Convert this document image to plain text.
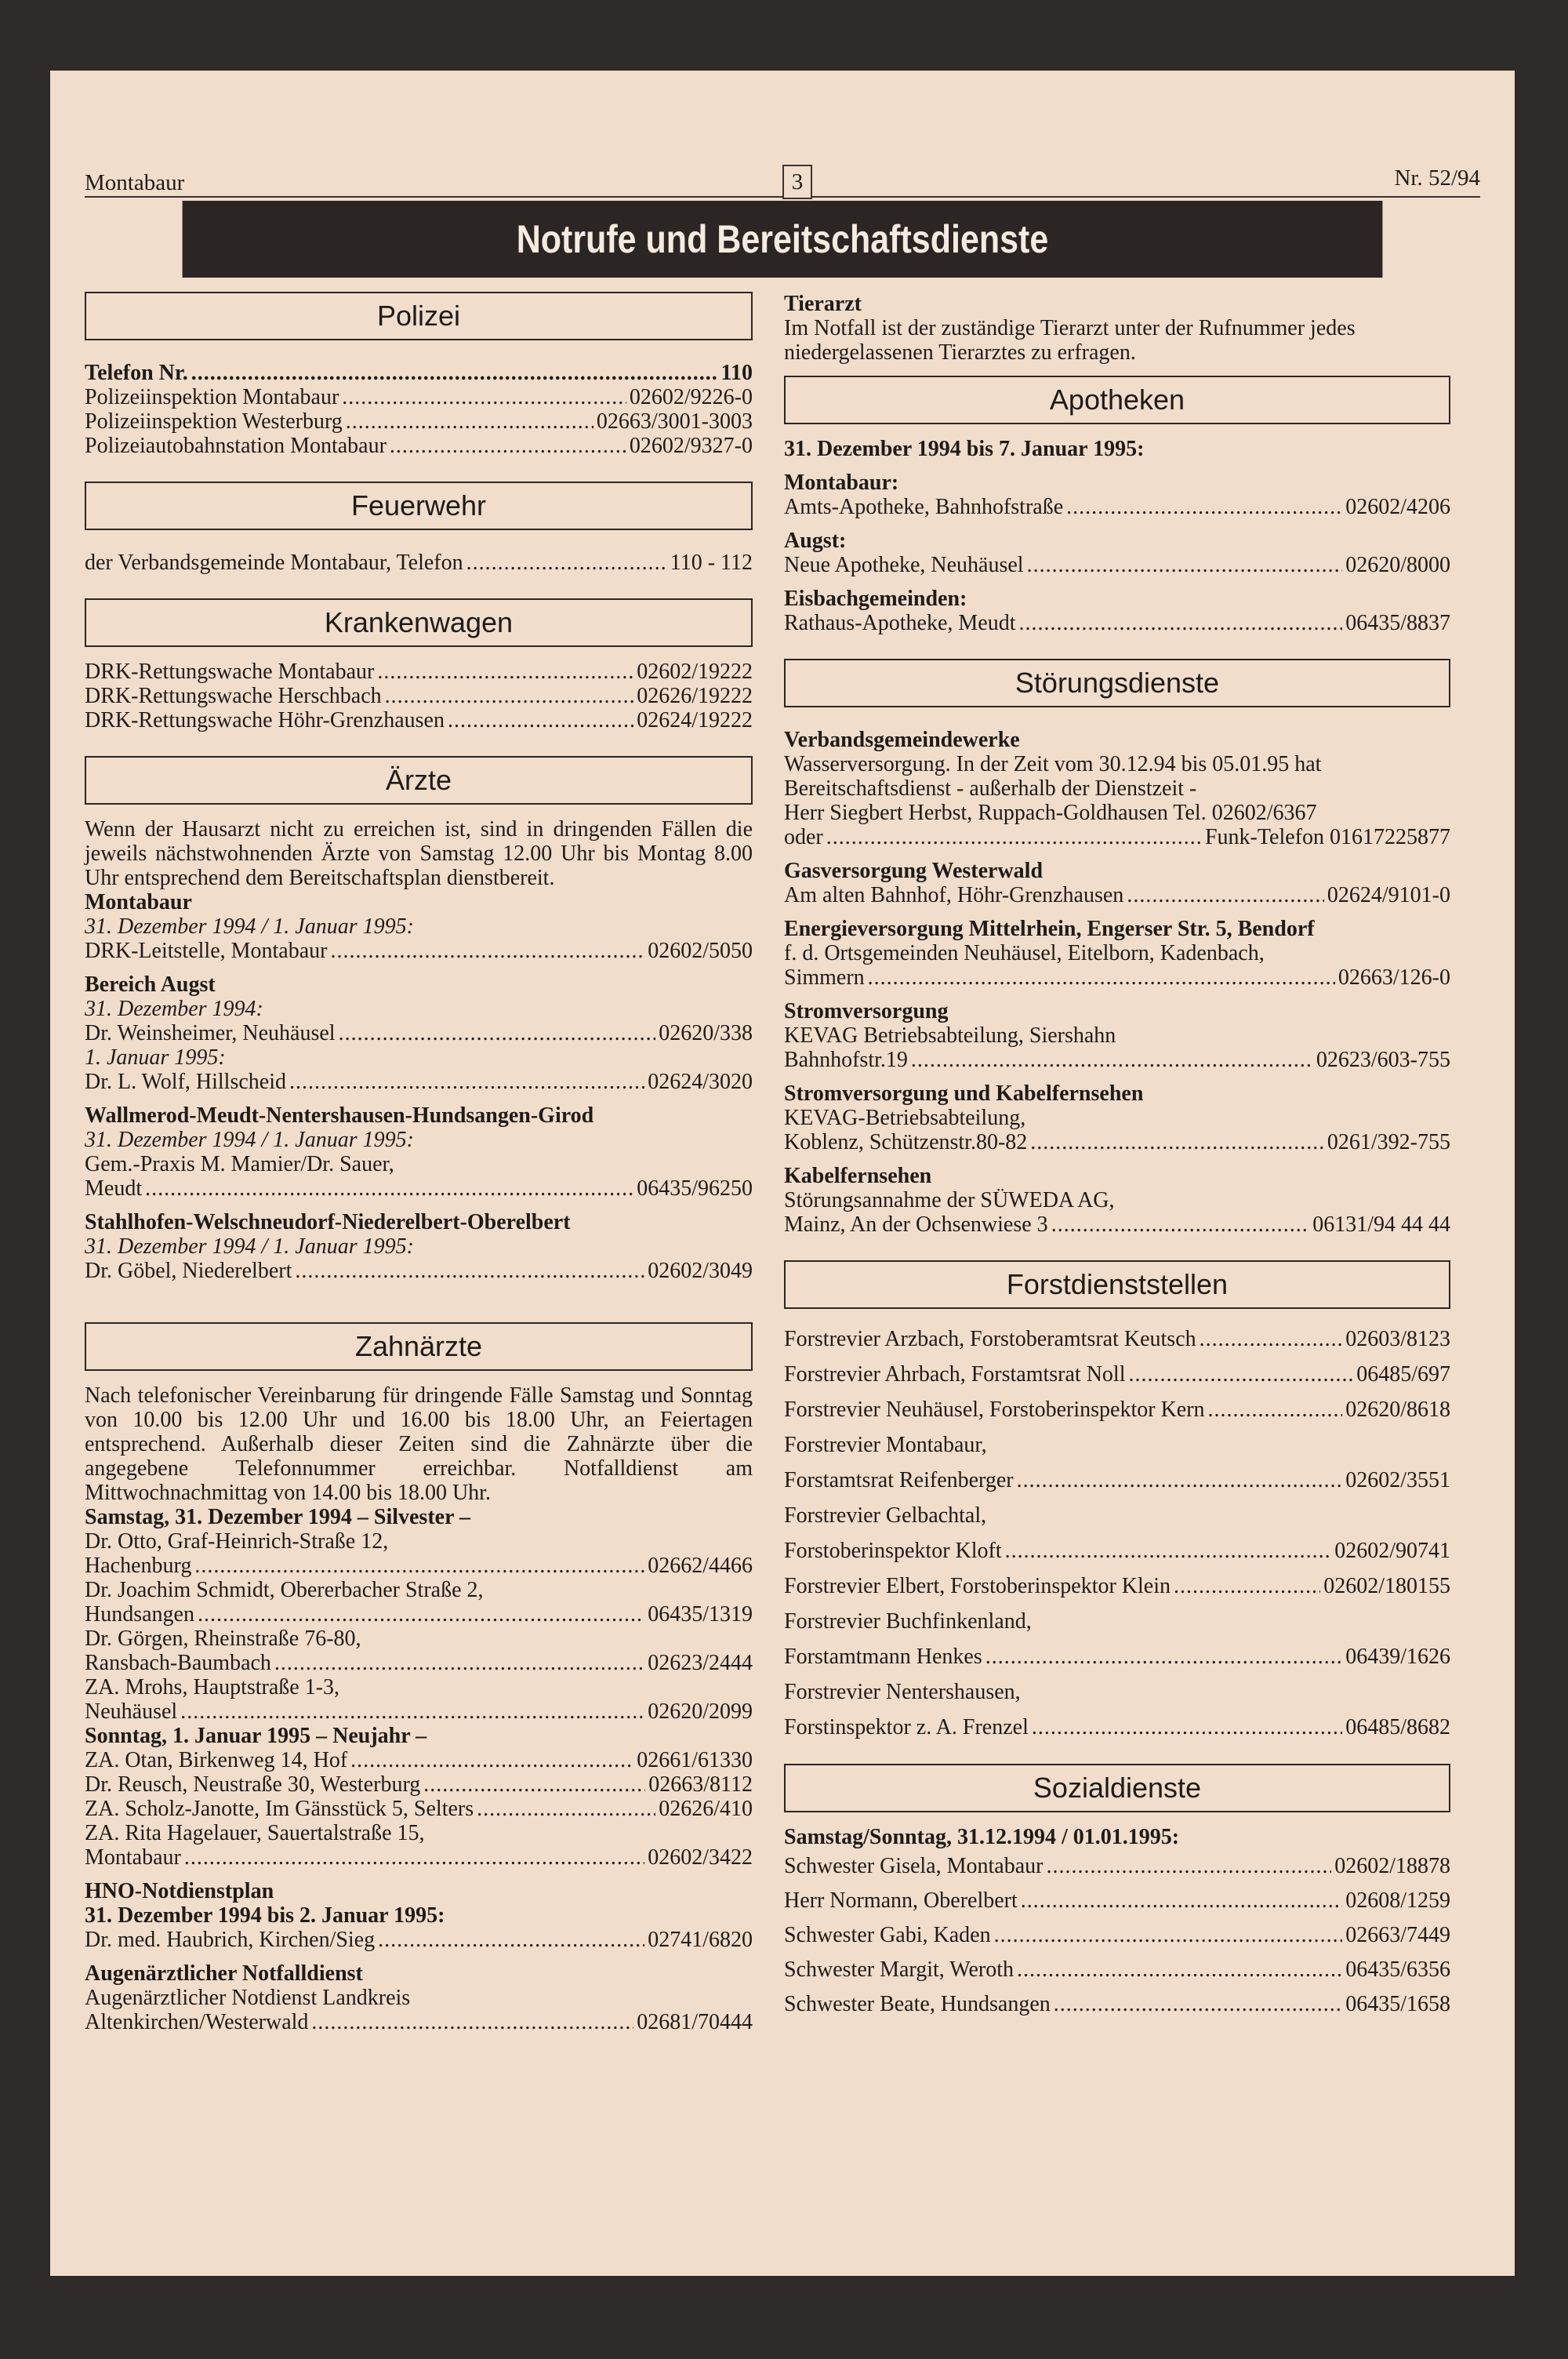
Montabaur	3	Nr. 52/94
Notrufe und Bereitschaftsdienste
Polizei
Telefon Nr. .....	110
Polizeiinspektion Montabaur .....	02602/9226-0
Polizeiinspektion Westerburg .....	02663/3001-3003
Polizeiautobahnstation Montabaur .....	02602/9327-0
Feuerwehr
der Verbandsgemeinde Montabaur, Telefon .....	110 - 112
Krankenwagen
DRK-Rettungswache Montabaur .....	02602/19222
DRK-Rettungswache Herschbach .....	02626/19222
DRK-Rettungswache Höhr-Grenzhausen .....	02624/19222
Ärzte

Wenn der Hausarzt nicht zu erreichen ist, sind in dringenden Fällen die jeweils nächstwohnenden Ärzte von Samstag 12.00 Uhr bis Montag 8.00 Uhr entsprechend dem Bereitschaftsplan dienstbereit.

Montabaur
31. Dezember 1994 / 1. Januar 1995:
DRK-Leitstelle, Montabaur .....	02602/5050
Bereich Augst
31. Dezember 1994:
Dr. Weinsheimer, Neuhäusel .....	02620/338
1. Januar 1995:
Dr. L. Wolf, Hillscheid .....	02624/3020
Wallmerod-Meudt-Nentershausen-Hundsangen-Girod
31. Dezember 1994 / 1. Januar 1995:
Gem.-Praxis M. Mamier/Dr. Sauer,
Meudt .....	06435/96250
Stahlhofen-Welschneudorf-Niederelbert-Oberelbert
31. Dezember 1994 / 1. Januar 1995:
Dr. Göbel, Niederelbert .....	02602/3049
Zahnärzte

Nach telefonischer Vereinbarung für dringende Fälle Samstag und Sonntag von 10.00 bis 12.00 Uhr und 16.00 bis 18.00 Uhr, an Feiertagen entsprechend. Außerhalb dieser Zeiten sind die Zahnärzte über die angegebene Telefonnummer erreichbar. Notfalldienst am Mittwochnachmittag von 14.00 bis 18.00 Uhr.

Samstag, 31. Dezember 1994 – Silvester –
Dr. Otto, Graf-Heinrich-Straße 12,
Hachenburg .....	02662/4466
Dr. Joachim Schmidt, Obererbacher Straße 2,
Hundsangen .....	06435/1319
Dr. Görgen, Rheinstraße 76-80,
Ransbach-Baumbach .....	02623/2444
ZA. Mrohs, Hauptstraße 1-3,
Neuhäusel .....	02620/2099
Sonntag, 1. Januar 1995 – Neujahr –
ZA. Otan, Birkenweg 14, Hof .....	02661/61330
Dr. Reusch, Neustraße 30, Westerburg .....	02663/8112
ZA. Scholz-Janotte, Im Gänsstück 5, Selters .....	02626/410
ZA. Rita Hagelauer, Sauertalstraße 15,
Montabaur .....	02602/3422
HNO-Notdienstplan
31. Dezember 1994 bis 2. Januar 1995:
Dr. med. Haubrich, Kirchen/Sieg .....	02741/6820
Augenärztlicher Notfalldienst
Augenärztlicher Notdienst Landkreis
Altenkirchen/Westerwald .....	02681/70444
Tierarzt

Im Notfall ist der zuständige Tierarzt unter der Rufnummer jedes niedergelassenen Tierarztes zu erfragen.

Apotheken
31. Dezember 1994 bis 7. Januar 1995:
Montabaur:
Amts-Apotheke, Bahnhofstraße .....	02602/4206
Augst:
Neue Apotheke, Neuhäusel .....	02620/8000
Eisbachgemeinden:
Rathaus-Apotheke, Meudt .....	06435/8837
Störungsdienste
Verbandsgemeindewerke

Wasserversorgung. In der Zeit vom 30.12.94 bis 05.01.95 hat Bereitschaftsdienst - außerhalb der Dienstzeit -

Herr Siegbert Herbst, Ruppach-Goldhausen Tel. 02602/6367
oder .....	Funk-Telefon 01617225877
Gasversorgung Westerwald
Am alten Bahnhof, Höhr-Grenzhausen .....	02624/9101-0
Energieversorgung Mittelrhein, Engerser Str. 5, Bendorf
f. d. Ortsgemeinden Neuhäusel, Eitelborn, Kadenbach,
Simmern .....	02663/126-0
Stromversorgung
KEVAG Betriebsabteilung, Siershahn
Bahnhofstr.19 .....	02623/603-755
Stromversorgung und Kabelfernsehen
KEVAG-Betriebsabteilung,
Koblenz, Schützenstr.80-82 .....	0261/392-755
Kabelfernsehen
Störungsannahme der SÜWEDA AG,
Mainz, An der Ochsenwiese 3 .....	06131/94 44 44
Forstdienststellen
Forstrevier Arzbach, Forstoberamtsrat Keutsch .....	02603/8123
Forstrevier Ahrbach, Forstamtsrat Noll .....	06485/697
Forstrevier Neuhäusel, Forstoberinspektor Kern .....	02620/8618
Forstrevier Montabaur,
Forstamtsrat Reifenberger .....	02602/3551
Forstrevier Gelbachtal,
Forstoberinspektor Kloft .....	02602/90741
Forstrevier Elbert, Forstoberinspektor Klein .....	02602/180155
Forstrevier Buchfinkenland,
Forstamtmann Henkes .....	06439/1626
Forstrevier Nentershausen,
Forstinspektor z. A. Frenzel .....	06485/8682
Sozialdienste
Samstag/Sonntag, 31.12.1994 / 01.01.1995:
Schwester Gisela, Montabaur .....	02602/18878
Herr Normann, Oberelbert .....	02608/1259
Schwester Gabi, Kaden .....	02663/7449
Schwester Margit, Weroth .....	06435/6356
Schwester Beate, Hundsangen .....	06435/1658
